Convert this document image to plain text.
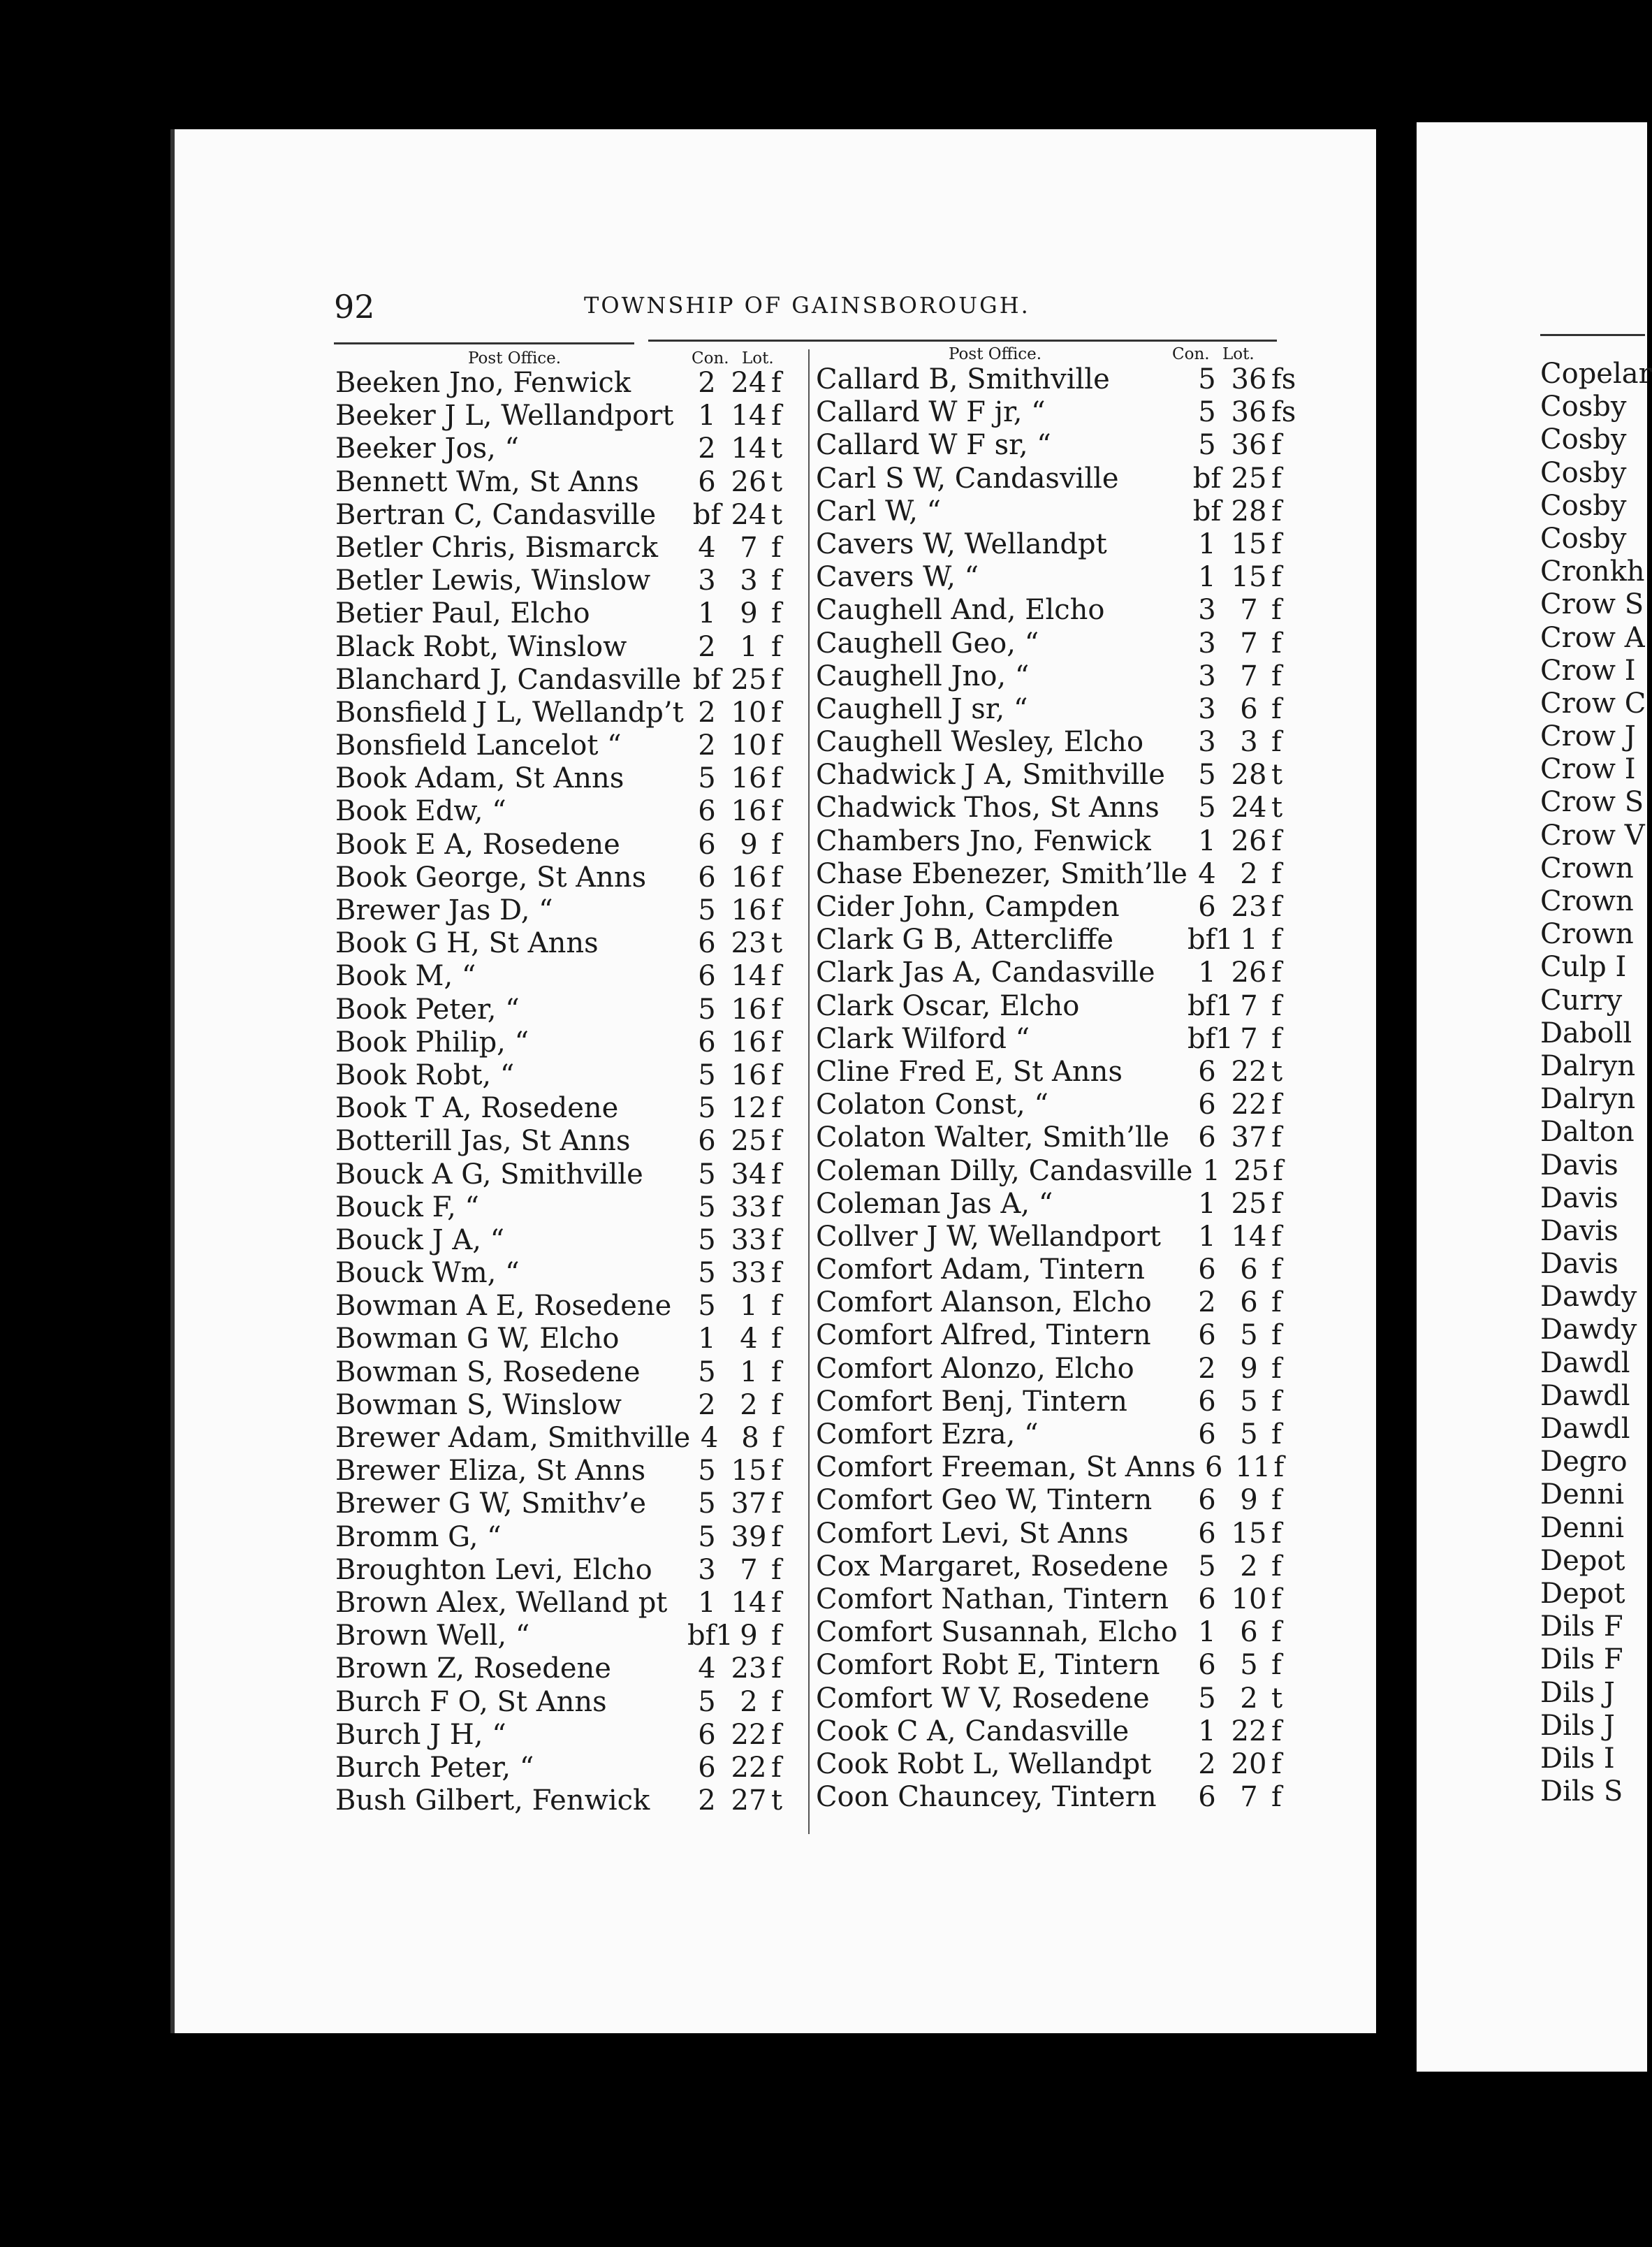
92	TOWNSHIP OF GAINSBOROUGH.
Post Office.	Con. Lot.	Post Office.	Con. Lot.
Beeken Jno, Fenwick	2 24 f
Beeker J L, Wellandport 1 14 f
Beeker Jos, “	2 14 t
Bennett Wm, St Anns	6 26 t
Bertran C, Candasville bf 24 t
Betler Chris, Bismarck	4 7 f
Betler Lewis, Winslow	3 3 f
Betier Paul, Elcho	1 9 f
Black Robt, Winslow	2 1 f
Blanchard J, Candasville bf 25 f
Bonsfield J L, Wellandp’t 2 10 f
Bonsfield Lancelot “	2 10 f
Book Adam, St Anns	5 16 f
Book Edw, “	6 16 f
Book E A, Rosedene	6 9 f
Book George, St Anns	6 16 f
Brewer Jas D, “	5 16 f
Book G H, St Anns	6 23 t
Book M, “	6 14 f
Book Peter, “	5 16 f
Book Philip, “	6 16 f
Book Robt, “	5 16 f
Book T A, Rosedene	5 12 f
Botterill Jas, St Anns	6 25 f
Bouck A G, Smithville	5 34 f
Bouck F, “	5 33 f
Bouck J A, “	5 33 f
Bouck Wm, “	5 33 f
Bowman A E, Rosedene 5 1 f
Bowman G W, Elcho	1 4 f
Bowman S, Rosedene	5 1 f
Bowman S, Winslow	2 2 f
Brewer Adam, Smithville 4 8 f
Brewer Eliza, St Anns	5 15 f
Brewer G W, Smithv’e	5 37 f
Bromm G, “	5 39 f
Broughton Levi, Elcho	3 7 f
Brown Alex, Welland pt	1 14 f
Brown Well, “	bf1 9 f
Brown Z, Rosedene	4 23 f
Burch F O, St Anns	5 2 f
Burch J H, “	6 22 f
Burch Peter, “	6 22 f
Bush Gilbert, Fenwick	2 27 t
Callard B, Smithville	5 36 fs
Callard W F jr, “	5 36 fs
Callard W F sr, “	5 36 f
Carl S W, Candasville	bf 25 f
Carl W, “	bf 28 f
Cavers W, Wellandpt	1 15 f
Cavers W, “	1 15 f
Caughell And, Elcho	3 7 f
Caughell Geo, “	3 7 f
Caughell Jno, “	3 7 f
Caughell J sr, “	3 6 f
Caughell Wesley, Elcho	3 3 f
Chadwick J A, Smithville	5 28 t
Chadwick Thos, St Anns	5 24 t
Chambers Jno, Fenwick	1 26 f
Chase Ebenezer, Smith’lle 4 2 f
Cider John, Campden	6 23 f
Clark G B, Attercliffe	bf1 1 f
Clark Jas A, Candasville	1 26 f
Clark Oscar, Elcho	bf1 7 f
Clark Wilford “	bf1 7 f
Cline Fred E, St Anns	6 22 t
Colaton Const, “	6 22 f
Colaton Walter, Smith’lle	6 37 f
Coleman Dilly, Candasville 1 25 f
Coleman Jas A, “	1 25 f
Collver J W, Wellandport	1 14 f
Comfort Adam, Tintern	6 6 f
Comfort Alanson, Elcho	2 6 f
Comfort Alfred, Tintern	6 5 f
Comfort Alonzo, Elcho	2 9 f
Comfort Benj, Tintern	6 5 f
Comfort Ezra, “	6 5 f
Comfort Freeman, St Anns 6 11 f
Comfort Geo W, Tintern	6 9 f
Comfort Levi, St Anns	6 15 f
Cox Margaret, Rosedene	5 2 f
Comfort Nathan, Tintern	6 10 f
Comfort Susannah, Elcho 1 6 f
Comfort Robt E, Tintern	6 5 f
Comfort W V, Rosedene	5 2 t
Cook C A, Candasville	1 22 f
Cook Robt L, Wellandpt	2 20 f
Coon Chauncey, Tintern	6 7 f
Copelar
Cosby
Cosby
Cosby
Cosby
Cosby
Cronkh
Crow S
Crow A
Crow I
Crow C
Crow J
Crow I
Crow S
Crow V
Crown
Crown
Crown
Culp I
Curry
Daboll
Dalryn
Dalryn
Dalton
Davis
Davis
Davis
Davis
Dawdy
Dawdy
Dawdl
Dawdl
Dawdl
Degro
Denni
Denni
Depot
Depot
Dils F
Dils F
Dils J
Dils J
Dils I
Dils S
